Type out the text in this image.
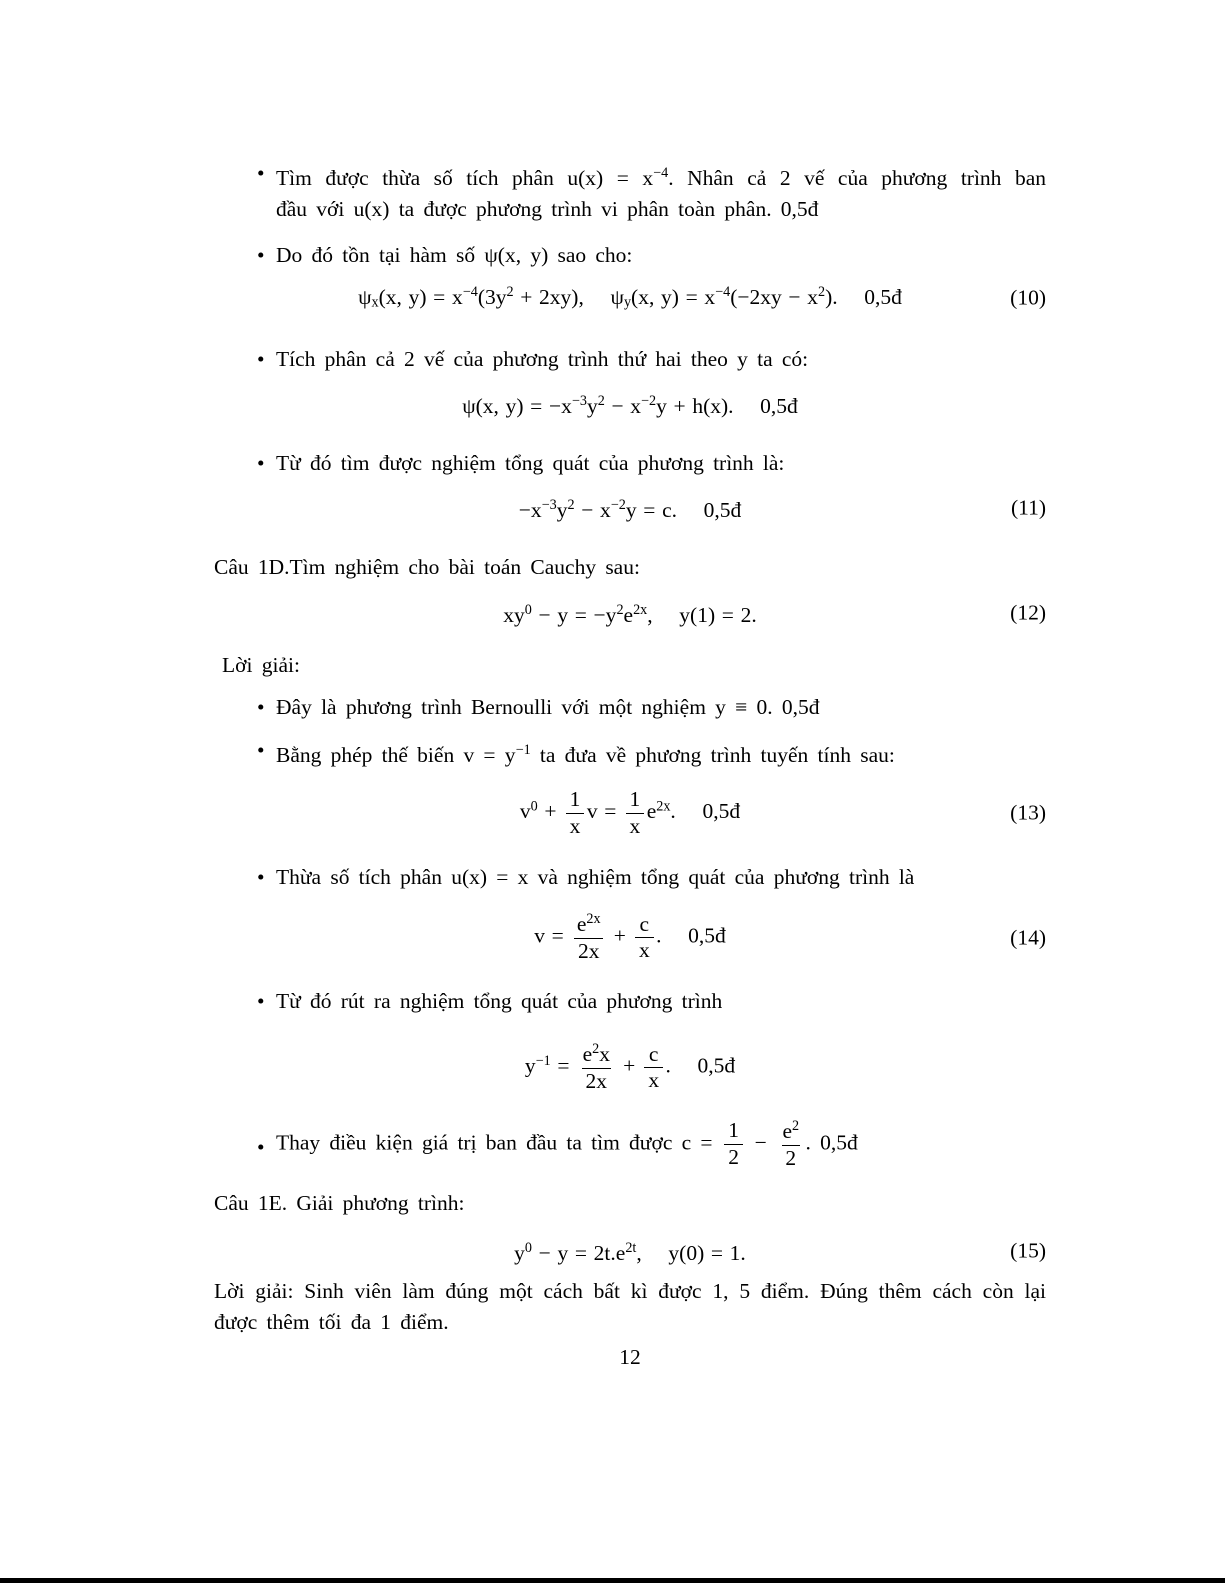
• Tìm được thừa số tích phân $u(x) = x^{-4}$. Nhân cả 2 vế của phương trình ban
đầu với u(x) ta được phương trình vi phân toàn phân. 0,5đ
• Do đó tồn tại hàm số ψ(x, y) sao cho:
ψx(x, $y) = x^{-4}(3y^2 + 2xy)$,    ψy(x, $y) = x^{-4}(-2xy - x^2)$.    0,5đ	(10)
• Tích phân cả 2 vế của phương trình thứ hai theo y ta có:
ψ(x, $y) = -x^{-3}y^2 - x^{-2}y + h(x)$.    0,5đ
• Từ đó tìm được nghiệm tổng quát của phương trình là:
$-x^{-3}y^2 - x^{-2}y = c$.    0,5đ	(11)
Câu 1D.Tìm nghiệm cho bài toán Cauchy sau:
$xy^0 - y = -y^2e^{2x}$,    y(1) = 2.	(12)
Lời giải:
• Đây là phương trình Bernoulli với một nghiệm y ≡ 0. 0,5đ
• Bằng phép thế biến $v = y^{-1}$ ta đưa về phương trình tuyến tính sau:
$v^0 + \frac{1}{x}$ $v = \frac{1}{x} e^{2x}$.    0,5đ	(13)
• Thừa số tích phân u(x) = x và nghiệm tổng quát của phương trình là
$v = \frac{e^{2x}}{2x} + \frac{c}{x}$ .    0,5đ	(14)
• Từ đó rút ra nghiệm tổng quát của phương trình
$y^{-1} = \frac{e^2x}{2x} + \frac{c}{x}$ .    0,5đ
• Thay điều kiện giá trị ban đầu ta tìm được $c = \frac{1}{2} - \frac{e^2}{2}$ . 0,5đ
Câu 1E. Giải phương trình:
$y^0 - y = 2t.e^{2t}$,    y(0) = 1.	(15)
Lời giải: Sinh viên làm đúng một cách bất kì được 1, 5 điểm. Đúng thêm cách còn lại
được thêm tối đa 1 điểm.
12
